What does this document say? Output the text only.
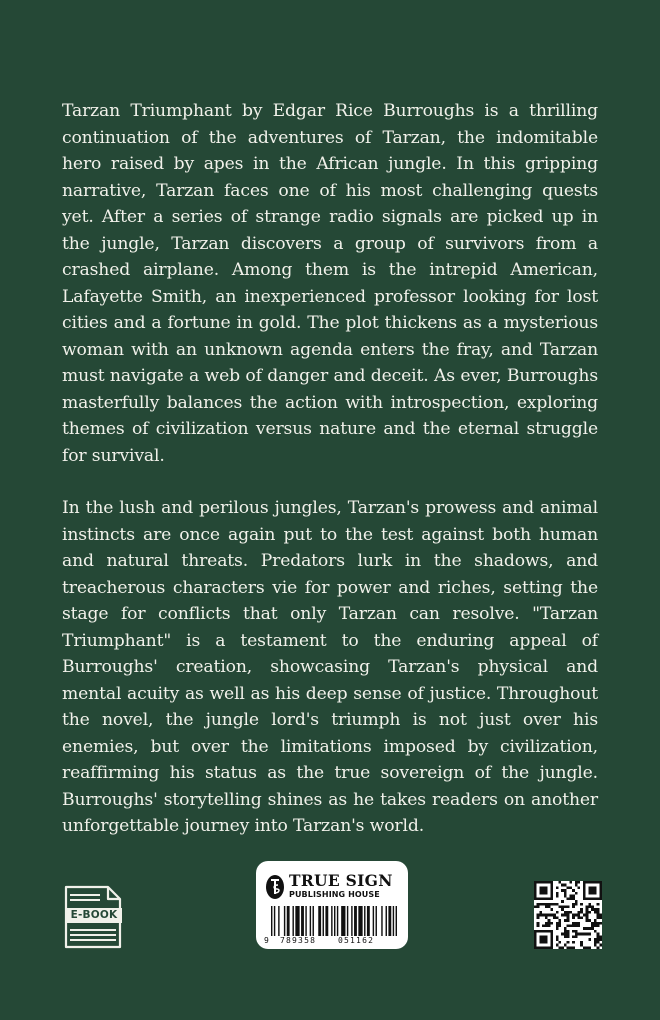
Tarzan Triumphant by Edgar Rice Burroughs is a thrilling continuation of the adventures of Tarzan, the indomitable hero raised by apes in the African jungle. In this gripping narrative, Tarzan faces one of his most challenging quests yet. After a series of strange radio signals are picked up in the jungle, Tarzan discovers a group of survivors from a crashed airplane. Among them is the intrepid American, Lafayette Smith, an inexperienced professor looking for lost cities and a fortune in gold. The plot thickens as a mysterious woman with an unknown agenda enters the fray, and Tarzan must navigate a web of danger and deceit. As ever, Burroughs masterfully balances the action with introspection, exploring themes of civilization versus nature and the eternal struggle for survival.

In the lush and perilous jungles, Tarzan's prowess and animal instincts are once again put to the test against both human and natural threats. Predators lurk in the shadows, and treacherous characters vie for power and riches, setting the stage for conflicts that only Tarzan can resolve. "Tarzan Triumphant" is a testament to the enduring appeal of Burroughs' creation, showcasing Tarzan's physical and mental acuity as well as his deep sense of justice. Throughout the novel, the jungle lord's triumph is not just over his enemies, but over the limitations imposed by civilization, reaffirming his status as the true sovereign of the jungle. Burroughs' storytelling shines as he takes readers on another unforgettable journey into Tarzan's world.

E-BOOK
TRUE SIGN
PUBLISHING HOUSE
9 789358	051162
